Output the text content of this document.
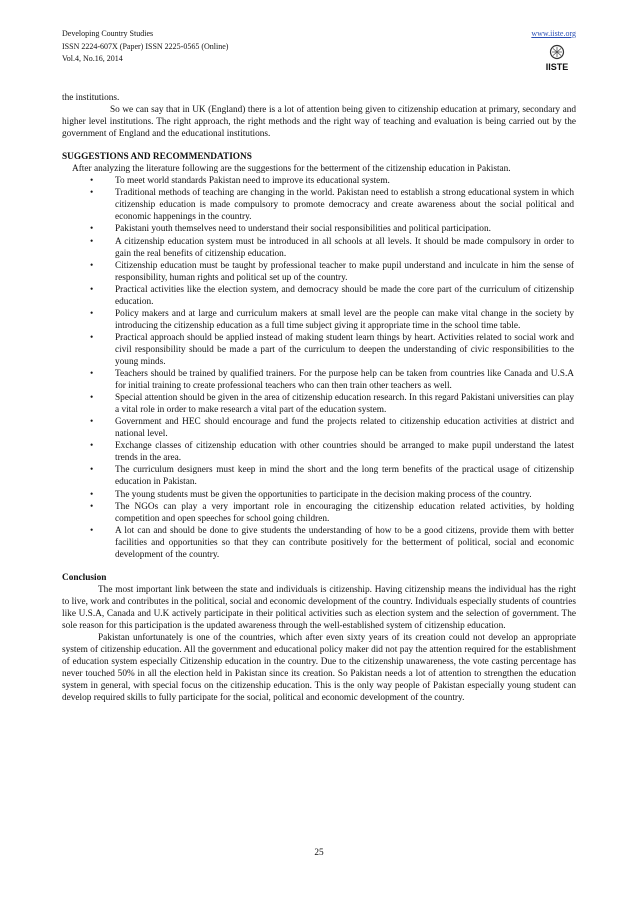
Developing Country Studies
ISSN 2224-607X (Paper) ISSN 2225-0565 (Online)
Vol.4, No.16, 2014
www.iiste.org
IISTE

the institutions.

So we can say that in UK (England) there is a lot of attention being given to citizenship education at primary, secondary and higher level institutions. The right approach, the right methods and the right way of teaching and evaluation is being carried out by the government of England and the educational institutions.

SUGGESTIONS AND RECOMMENDATIONS

After analyzing the literature following are the suggestions for the betterment of the citizenship education in Pakistan.

• To meet world standards Pakistan need to improve its educational system.
• Traditional methods of teaching are changing in the world. Pakistan need to establish a strong educational system in which citizenship education is made compulsory to promote democracy and create awareness about the social political and economic happenings in the country.
• Pakistani youth themselves need to understand their social responsibilities and political participation.
• A citizenship education system must be introduced in all schools at all levels. It should be made compulsory in order to gain the real benefits of citizenship education.
• Citizenship education must be taught by professional teacher to make pupil understand and inculcate in him the sense of responsibility, human rights and political set up of the country.
• Practical activities like the election system, and democracy should be made the core part of the curriculum of citizenship education.
• Policy makers and at large and curriculum makers at small level are the people can make vital change in the society by introducing the citizenship education as a full time subject giving it appropriate time in the school time table.
• Practical approach should be applied instead of making student learn things by heart. Activities related to social work and civil responsibility should be made a part of the curriculum to deepen the understanding of civic responsibilities to the young minds.
• Teachers should be trained by qualified trainers. For the purpose help can be taken from countries like Canada and U.S.A for initial training to create professional teachers who can then train other teachers as well.
• Special attention should be given in the area of citizenship education research. In this regard Pakistani universities can play a vital role in order to make research a vital part of the education system.
• Government and HEC should encourage and fund the projects related to citizenship education activities at district and national level.
• Exchange classes of citizenship education with other countries should be arranged to make pupil understand the latest trends in the area.
• The curriculum designers must keep in mind the short and the long term benefits of the practical usage of citizenship education in Pakistan.
• The young students must be given the opportunities to participate in the decision making process of the country.
• The NGOs can play a very important role in encouraging the citizenship education related activities, by holding competition and open speeches for school going children.
• A lot can and should be done to give students the understanding of how to be a good citizens, provide them with better facilities and opportunities so that they can contribute positively for the betterment of political, social and economic development of the country.

Conclusion

The most important link between the state and individuals is citizenship. Having citizenship means the individual has the right to live, work and contributes in the political, social and economic development of the country. Individuals especially students of countries like U.S.A, Canada and U.K actively participate in their political activities such as election system and the selection of government. The sole reason for this participation is the updated awareness through the well-established system of citizenship education.

Pakistan unfortunately is one of the countries, which after even sixty years of its creation could not develop an appropriate system of citizenship education. All the government and educational policy maker did not pay the attention required for the establishment of education system especially Citizenship education in the country. Due to the citizenship unawareness, the vote casting percentage has never touched 50% in all the election held in Pakistan since its creation. So Pakistan needs a lot of attention to strengthen the education system in general, with special focus on the citizenship education. This is the only way people of Pakistan especially young student can develop required skills to fully participate for the social, political and economic development of the country.

25
